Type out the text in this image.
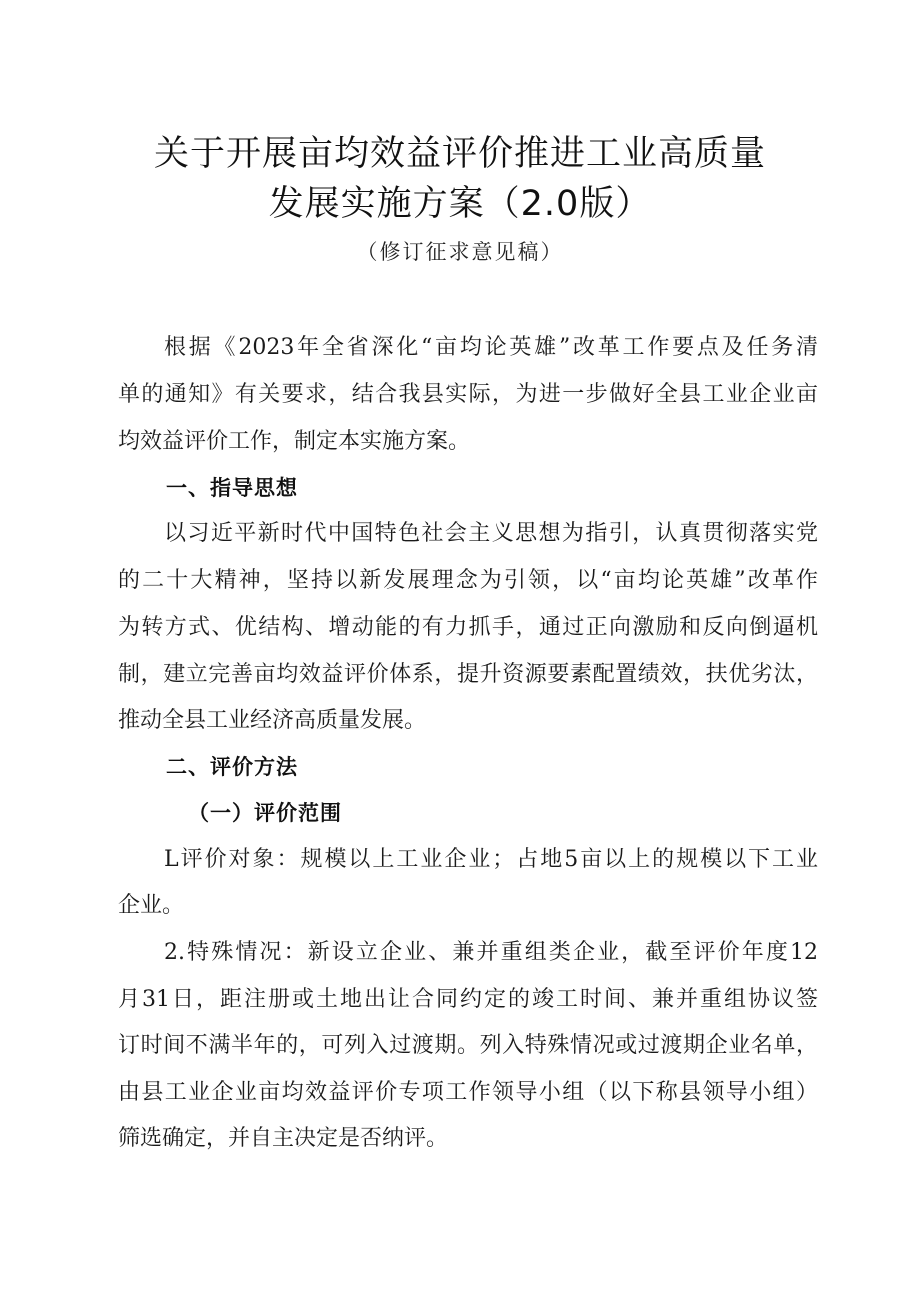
关于开展亩均效益评价推进工业高质量
发展实施方案（2.0版）
（修订征求意见稿）
根据《2023年全省深化“亩均论英雄”改革工作要点及任务清
单的通知》有关要求，结合我县实际，为进一步做好全县工业企业亩
均效益评价工作，制定本实施方案。
一、指导思想
以习近平新时代中国特色社会主义思想为指引，认真贯彻落实党
的二十大精神，坚持以新发展理念为引领，以“亩均论英雄”改革作
为转方式、优结构、增动能的有力抓手，通过正向激励和反向倒逼机
制，建立完善亩均效益评价体系，提升资源要素配置绩效，扶优劣汰，
推动全县工业经济高质量发展。
二、评价方法
（一）评价范围
L评价对象：规模以上工业企业；占地5亩以上的规模以下工业
企业。
2.特殊情况：新设立企业、兼并重组类企业，截至评价年度12
月31日，距注册或土地出让合同约定的竣工时间、兼并重组协议签
订时间不满半年的，可列入过渡期。列入特殊情况或过渡期企业名单，
由县工业企业亩均效益评价专项工作领导小组（以下称县领导小组）
筛选确定，并自主决定是否纳评。
